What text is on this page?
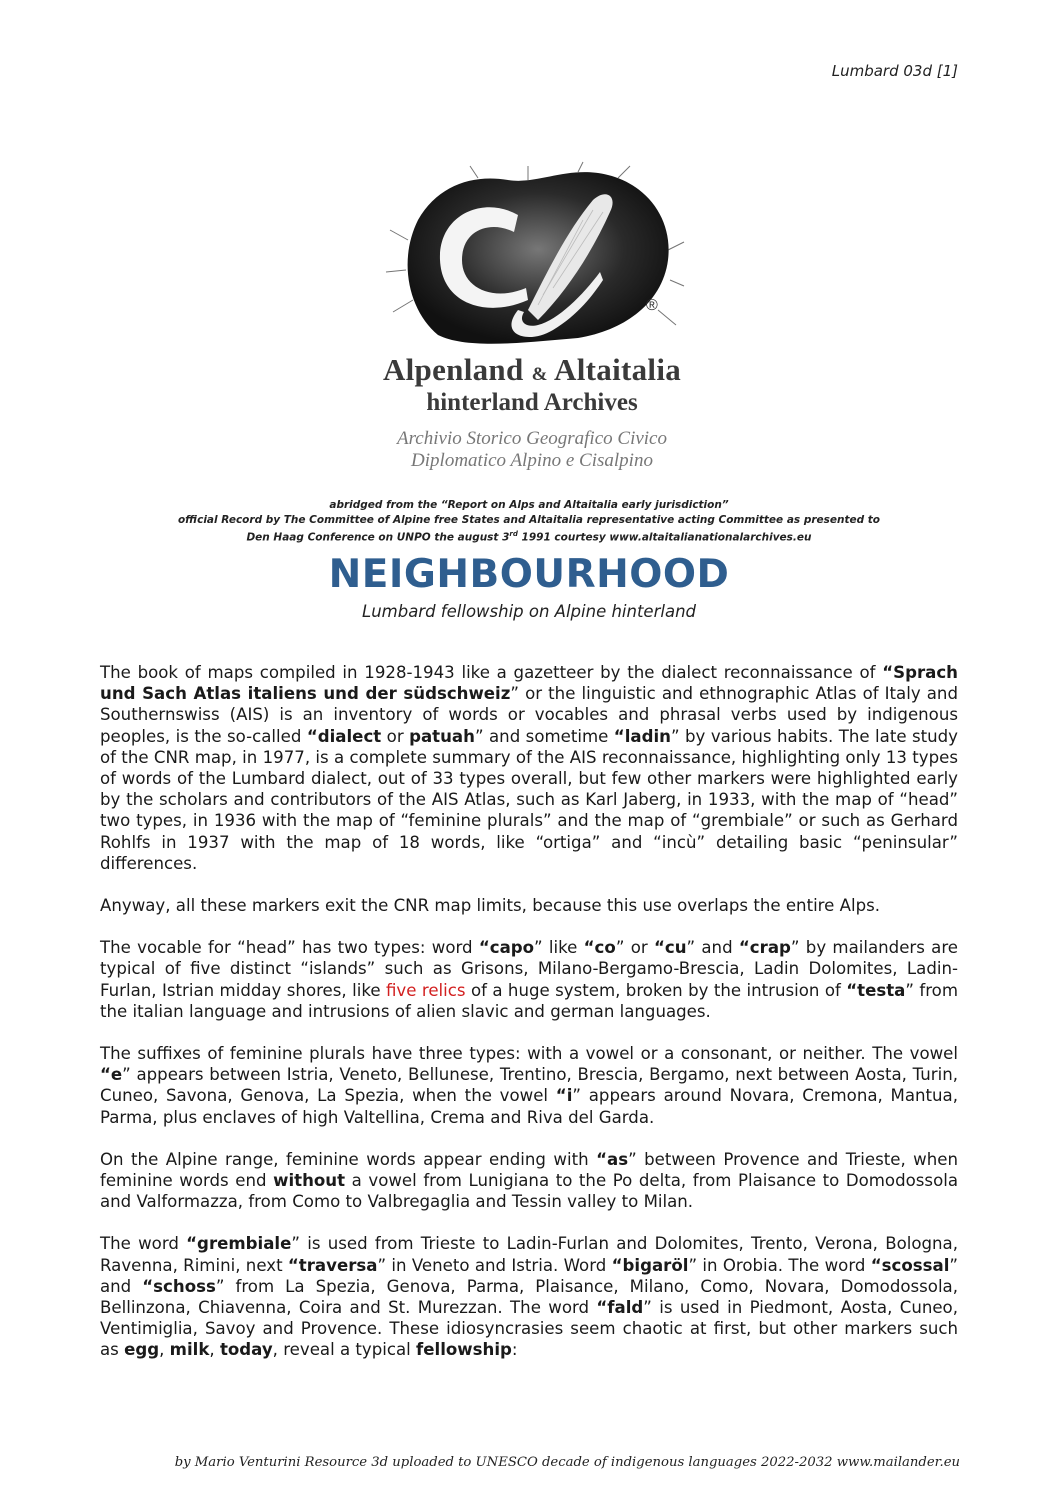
Lumbard 03d [1]
®
Alpenland & Altaitalia
hinterland Archives
Archivio Storico Geografico Civico
Diplomatico Alpino e Cisalpino
abridged from the “Report on Alps and Altaitalia early jurisdiction”
official Record by The Committee of Alpine free States and Altaitalia representative acting Committee as presented to
Den Haag Conference on UNPO the august 3rd 1991 courtesy www.altaitalianationalarchives.eu
NEIGHBOURHOOD
Lumbard fellowship on Alpine hinterland

The book of maps compiled in 1928-1943 like a gazetteer by the dialect reconnaissance of “Sprach und Sach Atlas italiens und der südschweiz” or the linguistic and ethnographic Atlas of Italy and Southernswiss (AIS) is an inventory of words or vocables and phrasal verbs used by indigenous peoples, is the so-called “dialect or patuah” and sometime “ladin” by various habits. The late study of the CNR map, in 1977, is a complete summary of the AIS reconnaissance, highlighting only 13 types of words of the Lumbard dialect, out of 33 types overall, but few other markers were highlighted early by the scholars and contributors of the AIS Atlas, such as Karl Jaberg, in 1933, with the map of “head” two types, in 1936 with the map of “feminine plurals” and the map of “grembiale” or such as Gerhard Rohlfs in 1937 with the map of 18 words, like “ortiga” and “incù” detailing basic “peninsular” differences.

Anyway, all these markers exit the CNR map limits, because this use overlaps the entire Alps.

The vocable for “head” has two types: word “capo” like “co” or “cu” and “crap” by mailanders are typical of five distinct “islands” such as Grisons, Milano-Bergamo-Brescia, Ladin Dolomites, Ladin-Furlan, Istrian midday shores, like five relics of a huge system, broken by the intrusion of “testa” from the italian language and intrusions of alien slavic and german languages.

The suffixes of feminine plurals have three types: with a vowel or a consonant, or neither. The vowel “e” appears between Istria, Veneto, Bellunese, Trentino, Brescia, Bergamo, next between Aosta, Turin, Cuneo, Savona, Genova, La Spezia, when the vowel “i” appears around Novara, Cremona, Mantua, Parma, plus enclaves of high Valtellina, Crema and Riva del Garda.

On the Alpine range, feminine words appear ending with “as” between Provence and Trieste, when feminine words end without a vowel from Lunigiana to the Po delta, from Plaisance to Domodossola and Valformazza, from Como to Valbregaglia and Tessin valley to Milan.

The word “grembiale” is used from Trieste to Ladin-Furlan and Dolomites, Trento, Verona, Bologna, Ravenna, Rimini, next “traversa” in Veneto and Istria. Word “bigaröl” in Orobia. The word “scossal” and “schoss” from La Spezia, Genova, Parma, Plaisance, Milano, Como, Novara, Domodossola, Bellinzona, Chiavenna, Coira and St. Murezzan. The word “fald” is used in Piedmont, Aosta, Cuneo, Ventimiglia, Savoy and Provence. These idiosyncrasies seem chaotic at first, but other markers such as egg, milk, today, reveal a typical fellowship:

by Mario Venturini Resource 3d uploaded to UNESCO decade of indigenous languages 2022-2032 www.mailander.eu
